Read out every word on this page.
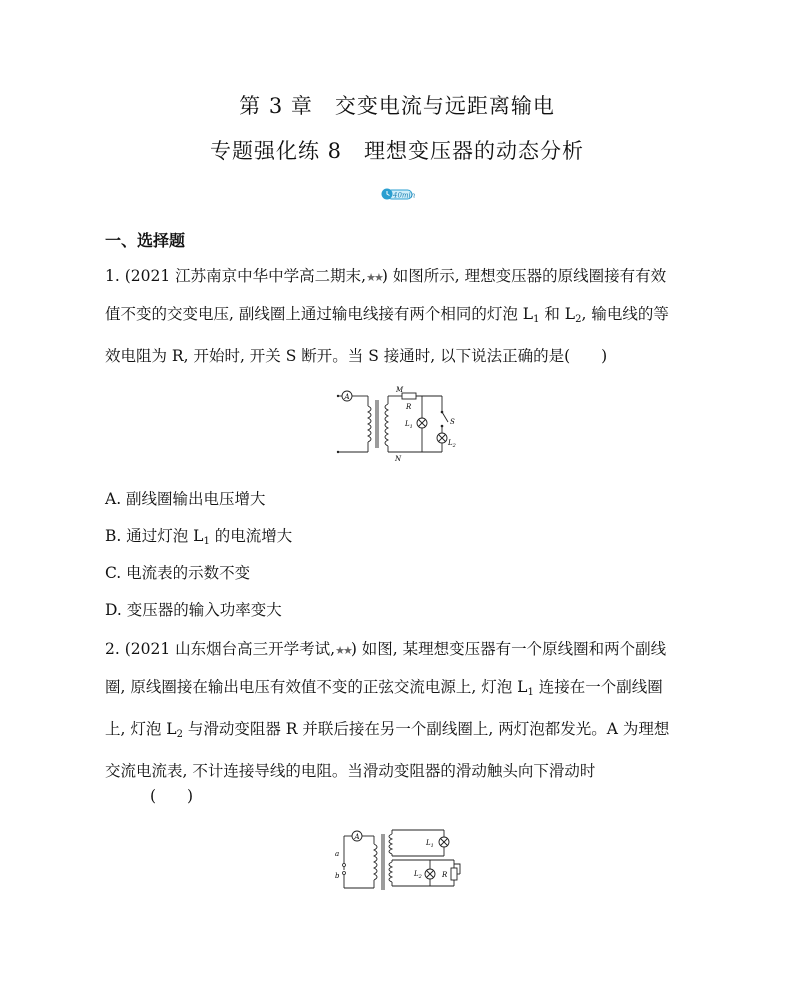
第 3 章　交变电流与远距离输电
专题强化练 8　理想变压器的动态分析
40min
一、选择题
1. (2021 江苏南京中华中学高二期末,★★) 如图所示, 理想变压器的原线圈接有有效
值不变的交变电压, 副线圈上通过输电线接有两个相同的灯泡 $L_1$ 和 $L_2$, 输电线的等
效电阻为 R, 开始时, 开关 S 断开。当 S 接通时, 以下说法正确的是(　　)
A
M
R
$L_1$
S
$L_2$
N
A. 副线圈输出电压增大
B. 通过灯泡 $L_1$ 的电流增大
C. 电流表的示数不变
D. 变压器的输入功率变大
2. (2021 山东烟台高三开学考试,★★) 如图, 某理想变压器有一个原线圈和两个副线
圈, 原线圈接在输出电压有效值不变的正弦交流电源上, 灯泡 $L_1$ 连接在一个副线圈
上, 灯泡 $L_2$ 与滑动变阻器 R 并联后接在另一个副线圈上, 两灯泡都发光。A 为理想
交流电流表, 不计连接导线的电阻。当滑动变阻器的滑动触头向下滑动时
(　　)
A
a
b
$L_1$
$L_2$	R
